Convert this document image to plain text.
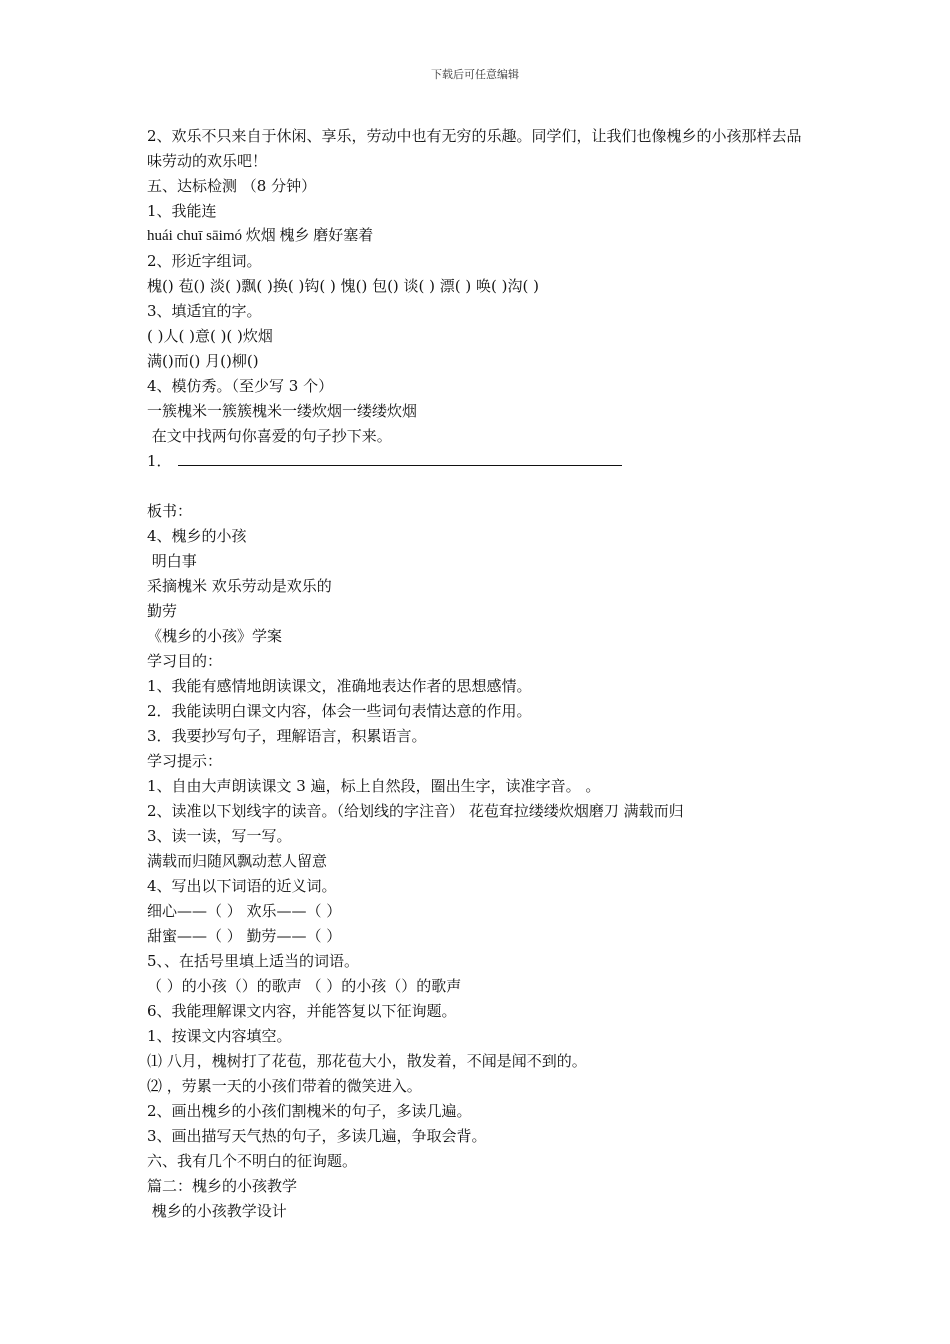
下载后可任意编辑
2、欢乐不只来自于休闲、享乐，劳动中也有无穷的乐趣。同学们，让我们也像槐乡的小孩那样去品味劳动的欢乐吧！
五、达标检测 （8 分钟）
1、我能连
huái chuī sāimó 炊烟 槐乡 磨好塞着
2、形近字组词。
槐() 苞() 淡( )飘( )换( )钩( ) 愧() 包() 谈( ) 漂( ) 唤( )沟( )
3、填适宜的字。
( )人( )意( )( )炊烟
满()而() 月()柳()
4、模仿秀。（至少写 3 个）
一簇槐米一簇簇槐米一缕炊烟一缕缕炊烟
在文中找两句你喜爱的句子抄下来。
1．
板书：
4、槐乡的小孩
明白事
采摘槐米 欢乐劳动是欢乐的
勤劳
《槐乡的小孩》学案
学习目的：
1、我能有感情地朗读课文，准确地表达作者的思想感情。
2．我能读明白课文内容，体会一些词句表情达意的作用。
3．我要抄写句子，理解语言，积累语言。
学习提示：
1、自由大声朗读课文 3 遍，标上自然段，圈出生字，读准字音。 。
2、读准以下划线字的读音。（给划线的字注音） 花苞耷拉缕缕炊烟磨刀 满载而归
3、读一读，写一写。
满载而归随风飘动惹人留意
4、写出以下词语的近义词。
细心——（ ） 欢乐——（ ）
甜蜜——（ ） 勤劳——（ ）
5、、在括号里填上适当的词语。
（ ）的小孩（）的歌声 （ ）的小孩（）的歌声
6、我能理解课文内容，并能答复以下征询题。
1、按课文内容填空。
⑴ 八月，槐树打了花苞，那花苞大小，散发着，不闻是闻不到的。
⑵ ，劳累一天的小孩们带着的微笑进入。
2、画出槐乡的小孩们割槐米的句子，多读几遍。
3、画出描写天气热的句子，多读几遍，争取会背。
六、我有几个不明白的征询题。
篇二：槐乡的小孩教学
槐乡的小孩教学设计
